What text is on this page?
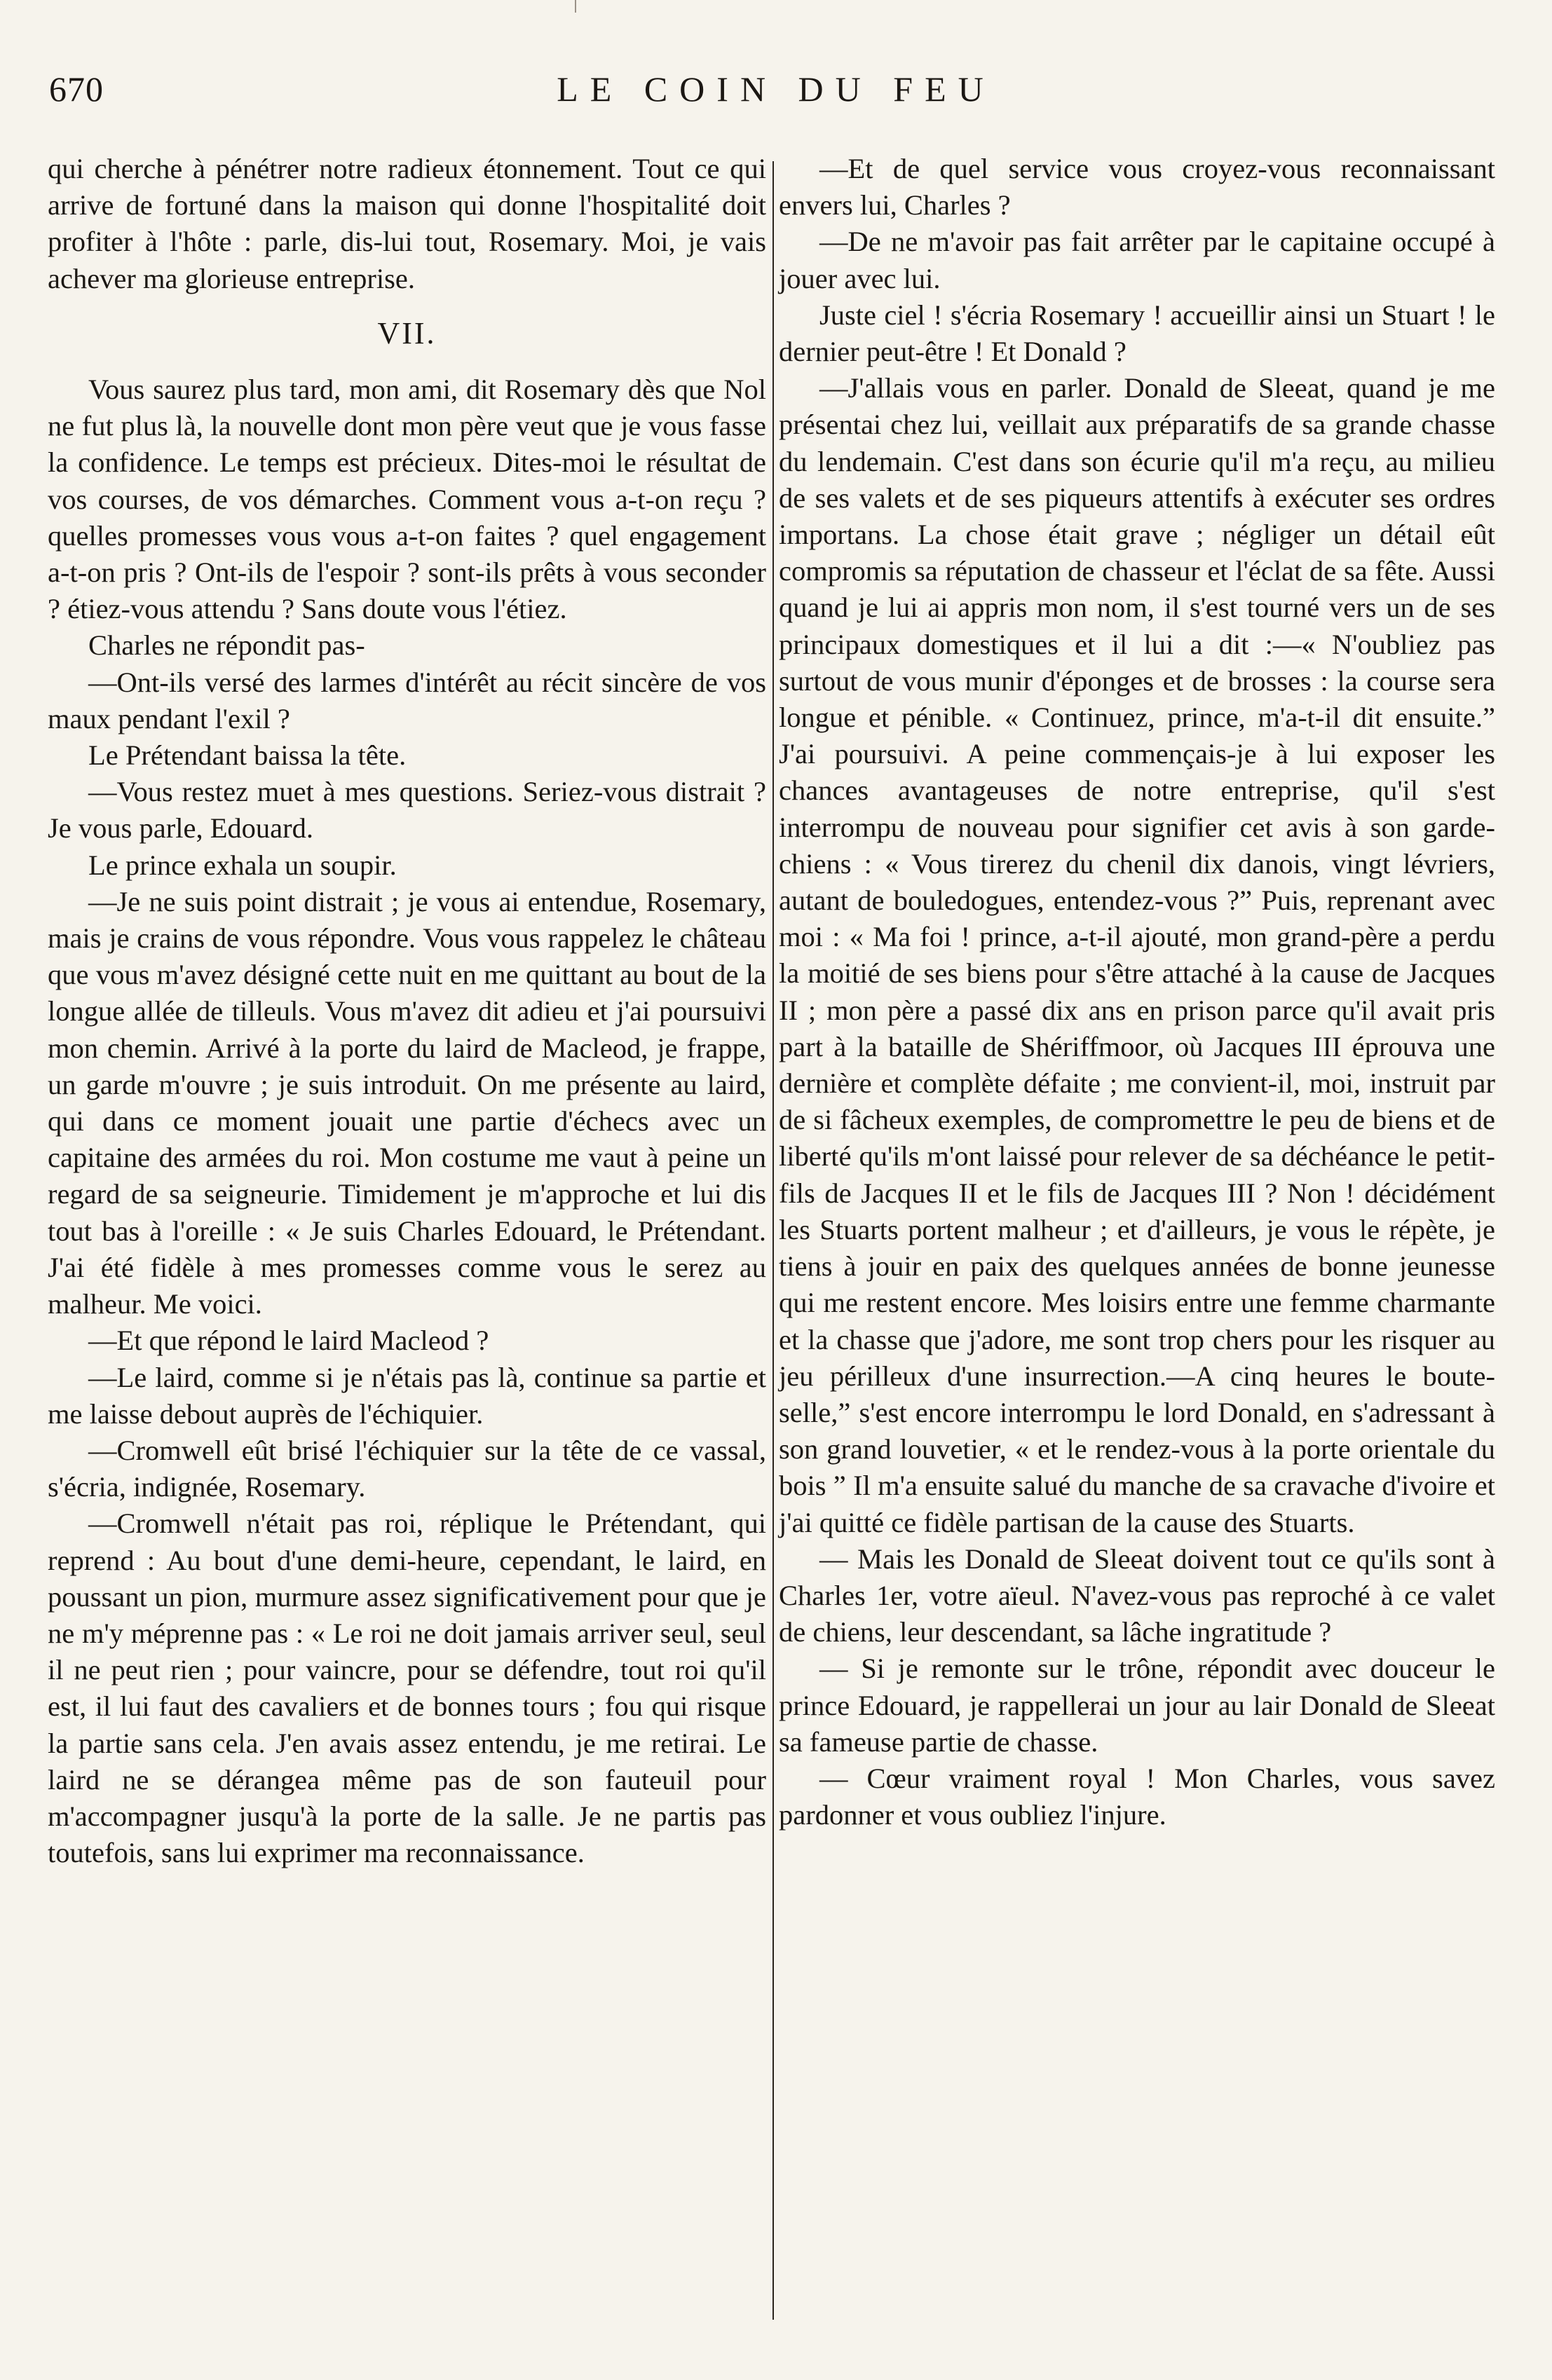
LE COIN DU FEU
670

qui cherche à pénétrer notre radieux étonnement. Tout ce qui arrive de fortuné dans la maison qui donne l'hospitalité doit profiter à l'hôte : parle, dis-lui tout, Rosemary. Moi, je vais achever ma glorieuse entreprise.

VII.

Vous saurez plus tard, mon ami, dit Rosemary dès que Nol ne fut plus là, la nouvelle dont mon père veut que je vous fasse la confidence. Le temps est précieux. Dites-moi le résultat de vos courses, de vos démarches. Comment vous a-t-on reçu ? quelles promesses vous vous a-t-on faites ? quel engagement a-t-on pris ? Ont-ils de l'espoir ? sont-ils prêts à vous seconder ? étiez-vous attendu ? Sans doute vous l'étiez.

Charles ne répondit pas-

—Ont-ils versé des larmes d'intérêt au récit sincère de vos maux pendant l'exil ?

Le Prétendant baissa la tête.

—Vous restez muet à mes questions. Seriez-vous distrait ? Je vous parle, Edouard.

Le prince exhala un soupir.

—Je ne suis point distrait ; je vous ai entendue, Rosemary, mais je crains de vous répondre. Vous vous rappelez le château que vous m'avez désigné cette nuit en me quittant au bout de la longue allée de tilleuls. Vous m'avez dit adieu et j'ai poursuivi mon chemin. Arrivé à la porte du laird de Macleod, je frappe, un garde m'ouvre ; je suis introduit. On me présente au laird, qui dans ce moment jouait une partie d'échecs avec un capitaine des armées du roi. Mon costume me vaut à peine un regard de sa seigneurie. Timidement je m'approche et lui dis tout bas à l'oreille : « Je suis Charles Edouard, le Prétendant. J'ai été fidèle à mes promesses comme vous le serez au malheur. Me voici.

—Et que répond le laird Macleod ?

—Le laird, comme si je n'étais pas là, continue sa partie et me laisse debout auprès de l'échiquier.

—Cromwell eût brisé l'échiquier sur la tête de ce vassal, s'écria, indignée, Rosemary.

—Cromwell n'était pas roi, réplique le Prétendant, qui reprend : Au bout d'une demi-heure, cependant, le laird, en poussant un pion, murmure assez significativement pour que je ne m'y méprenne pas : « Le roi ne doit jamais arriver seul, seul il ne peut rien ; pour vaincre, pour se défendre, tout roi qu'il est, il lui faut des cavaliers et de bonnes tours ; fou qui risque la partie sans cela. J'en avais assez entendu, je me retirai. Le laird ne se dérangea même pas de son fauteuil pour m'accompagner jusqu'à la porte de la salle. Je ne partis pas toutefois, sans lui exprimer ma reconnaissance.

—Et de quel service vous croyez-vous reconnaissant envers lui, Charles ?

—De ne m'avoir pas fait arrêter par le capitaine occupé à jouer avec lui.

Juste ciel ! s'écria Rosemary ! accueillir ainsi un Stuart ! le dernier peut-être ! Et Donald ?

—J'allais vous en parler. Donald de Sleeat, quand je me présentai chez lui, veillait aux préparatifs de sa grande chasse du lendemain. C'est dans son écurie qu'il m'a reçu, au milieu de ses valets et de ses piqueurs attentifs à exécuter ses ordres importans. La chose était grave ; négliger un détail eût compromis sa réputation de chasseur et l'éclat de sa fête. Aussi quand je lui ai appris mon nom, il s'est tourné vers un de ses principaux domestiques et il lui a dit :—« N'oubliez pas surtout de vous munir d'éponges et de brosses : la course sera longue et pénible. « Continuez, prince, m'a-t-il dit ensuite.” J'ai poursuivi. A peine commençais-je à lui exposer les chances avantageuses de notre entreprise, qu'il s'est interrompu de nouveau pour signifier cet avis à son garde-chiens : « Vous tirerez du chenil dix danois, vingt lévriers, autant de bouledogues, entendez-vous ?” Puis, reprenant avec moi : « Ma foi ! prince, a-t-il ajouté, mon grand-père a perdu la moitié de ses biens pour s'être attaché à la cause de Jacques II ; mon père a passé dix ans en prison parce qu'il avait pris part à la bataille de Shériffmoor, où Jacques III éprouva une dernière et complète défaite ; me convient-il, moi, instruit par de si fâcheux exemples, de compromettre le peu de biens et de liberté qu'ils m'ont laissé pour relever de sa déchéance le petit-fils de Jacques II et le fils de Jacques III ? Non ! décidément les Stuarts portent malheur ; et d'ailleurs, je vous le répète, je tiens à jouir en paix des quelques années de bonne jeunesse qui me restent encore. Mes loisirs entre une femme charmante et la chasse que j'adore, me sont trop chers pour les risquer au jeu périlleux d'une insurrection.—A cinq heures le boute-selle,” s'est encore interrompu le lord Donald, en s'adressant à son grand louvetier, « et le rendez-vous à la porte orientale du bois ” Il m'a ensuite salué du manche de sa cravache d'ivoire et j'ai quitté ce fidèle partisan de la cause des Stuarts.

— Mais les Donald de Sleeat doivent tout ce qu'ils sont à Charles 1er, votre aïeul. N'avez-vous pas reproché à ce valet de chiens, leur descendant, sa lâche ingratitude ?

— Si je remonte sur le trône, répondit avec douceur le prince Edouard, je rappellerai un jour au lair Donald de Sleeat sa fameuse partie de chasse.

— Cœur vraiment royal ! Mon Charles, vous savez pardonner et vous oubliez l'injure.
